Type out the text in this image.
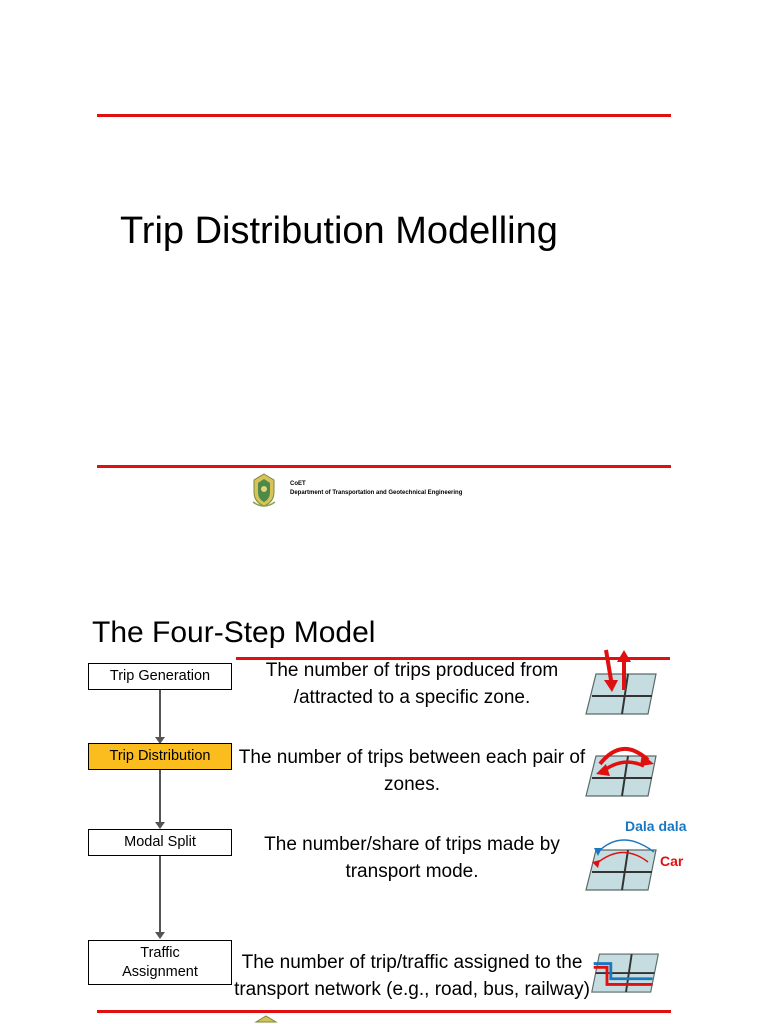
Trip Distribution Modelling
CoET
Department of Transportation and Geotechnical Engineering
The Four-Step Model
Trip Generation
Trip Distribution
Modal Split
Traffic Assignment
The number of trips produced from /attracted to a specific zone.
The number of trips between each pair of zones.
The number/share of trips made by transport mode.
The number of trip/traffic assigned to the transport network (e.g., road, bus, railway)
Dala dala
Car
